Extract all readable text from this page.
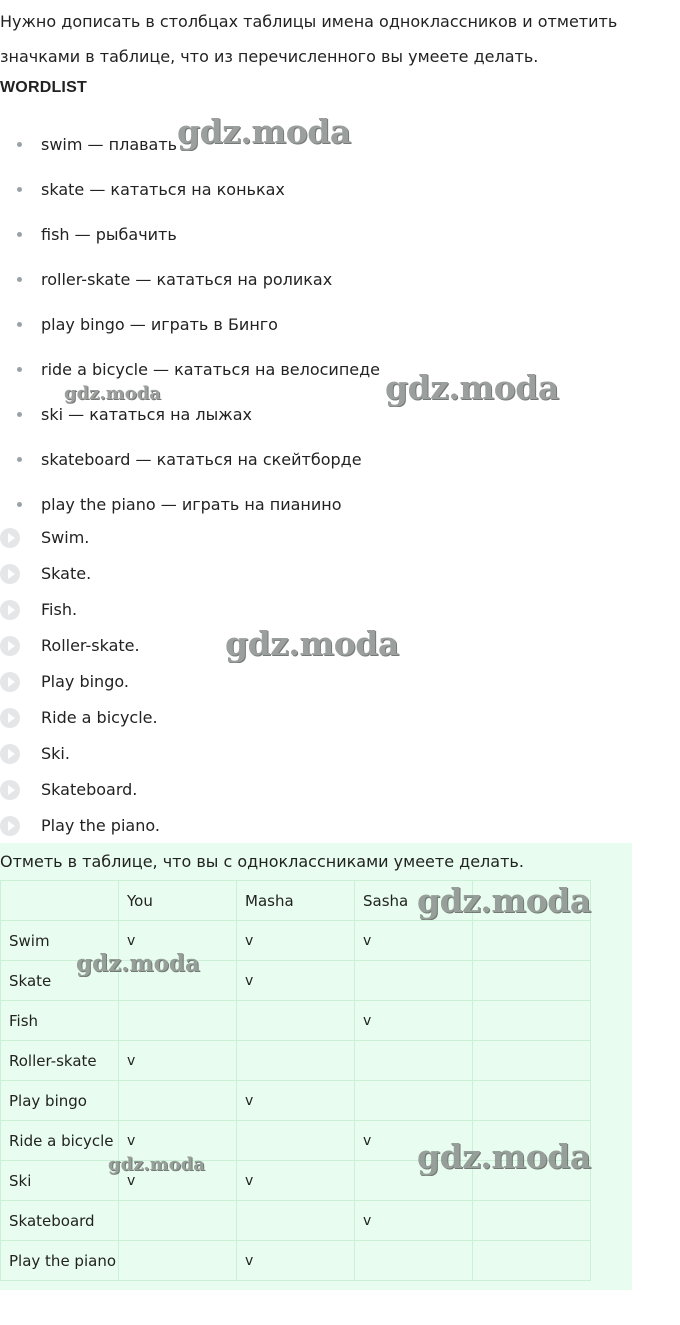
Нужно дописать в столбцах таблицы имена одноклассников и отметить значками в таблице, что из перечисленного вы умеете делать.

WORDLIST
swim — плавать
skate — кататься на коньках
fish — рыбачить
roller-skate — кататься на роликах
play bingo — играть в Бинго
ride a bicycle — кататься на велосипеде
ski — кататься на лыжах
skateboard — кататься на скейтборде
play the piano — играть на пианино
Swim.
Skate.
Fish.
Roller-skate.
Play bingo.
Ride a bicycle.
Ski.
Skateboard.
Play the piano.

Отметь в таблице, что вы с одноклассниками умеете делать.

	You	Masha	Sasha	
Swim	v	v	v	
Skate		v		
Fish			v	
Roller-skate	v			
Play bingo		v		
Ride a bicycle	v		v	
Ski	v	v		
Skateboard			v	
Play the piano		v		
gdz.moda
gdz.moda
gdz.moda
gdz.moda
gdz.moda
gdz.moda
gdz.moda
gdz.moda
